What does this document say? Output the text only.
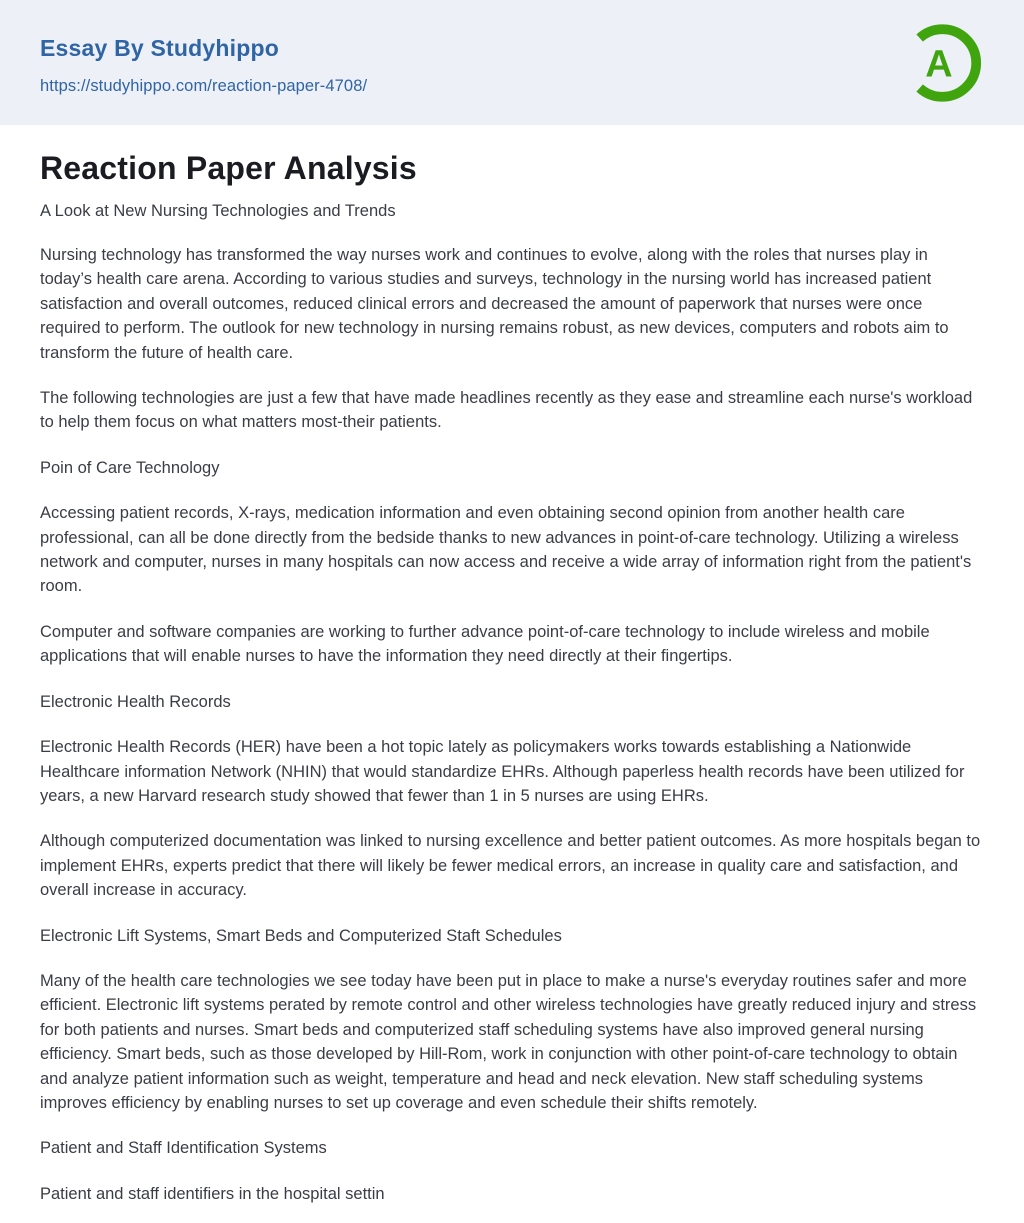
Essay By Studyhippo
https://studyhippo.com/reaction-paper-4708/
A
Reaction Paper Analysis
A Look at New Nursing Technologies and Trends

Nursing technology has transformed the way nurses work and continues to evolve, along with the roles that nurses play in today’s health care arena. According to various studies and surveys, technology in the nursing world has increased patient satisfaction and overall outcomes, reduced clinical errors and decreased the amount of paperwork that nurses were once required to perform. The outlook for new technology in nursing remains robust, as new devices, computers and robots aim to transform the future of health care.

The following technologies are just a few that have made headlines recently as they ease and streamline each nurse's workload to help them focus on what matters most-their patients.

Poin of Care Technology

Accessing patient records, X-rays, medication information and even obtaining second opinion from another health care professional, can all be done directly from the bedside thanks to new advances in point-of-care technology. Utilizing a wireless network and computer, nurses in many hospitals can now access and receive a wide array of information right from the patient's room.

Computer and software companies are working to further advance point-of-care technology to include wireless and mobile applications that will enable nurses to have the information they need directly at their fingertips.

Electronic Health Records

Electronic Health Records (HER) have been a hot topic lately as policymakers works towards establishing a Nationwide Healthcare information Network (NHIN) that would standardize EHRs. Although paperless health records have been utilized for years, a new Harvard research study showed that fewer than 1 in 5 nurses are using EHRs.

Although computerized documentation was linked to nursing excellence and better patient outcomes. As more hospitals began to implement EHRs, experts predict that there will likely be fewer medical errors, an increase in quality care and satisfaction, and overall increase in accuracy.

Electronic Lift Systems, Smart Beds and Computerized Staft Schedules

Many of the health care technologies we see today have been put in place to make a nurse's everyday routines safer and more efficient. Electronic lift systems perated by remote control and other wireless technologies have greatly reduced injury and stress for both patients and nurses. Smart beds and computerized staff scheduling systems have also improved general nursing efficiency. Smart beds, such as those developed by Hill-Rom, work in conjunction with other point-of-care technology to obtain and analyze patient information such as weight, temperature and head and neck elevation. New staff scheduling systems improves efficiency by enabling nurses to set up coverage and even schedule their shifts remotely.

Patient and Staff Identification Systems

Patient and staff identifiers in the hospital settin
